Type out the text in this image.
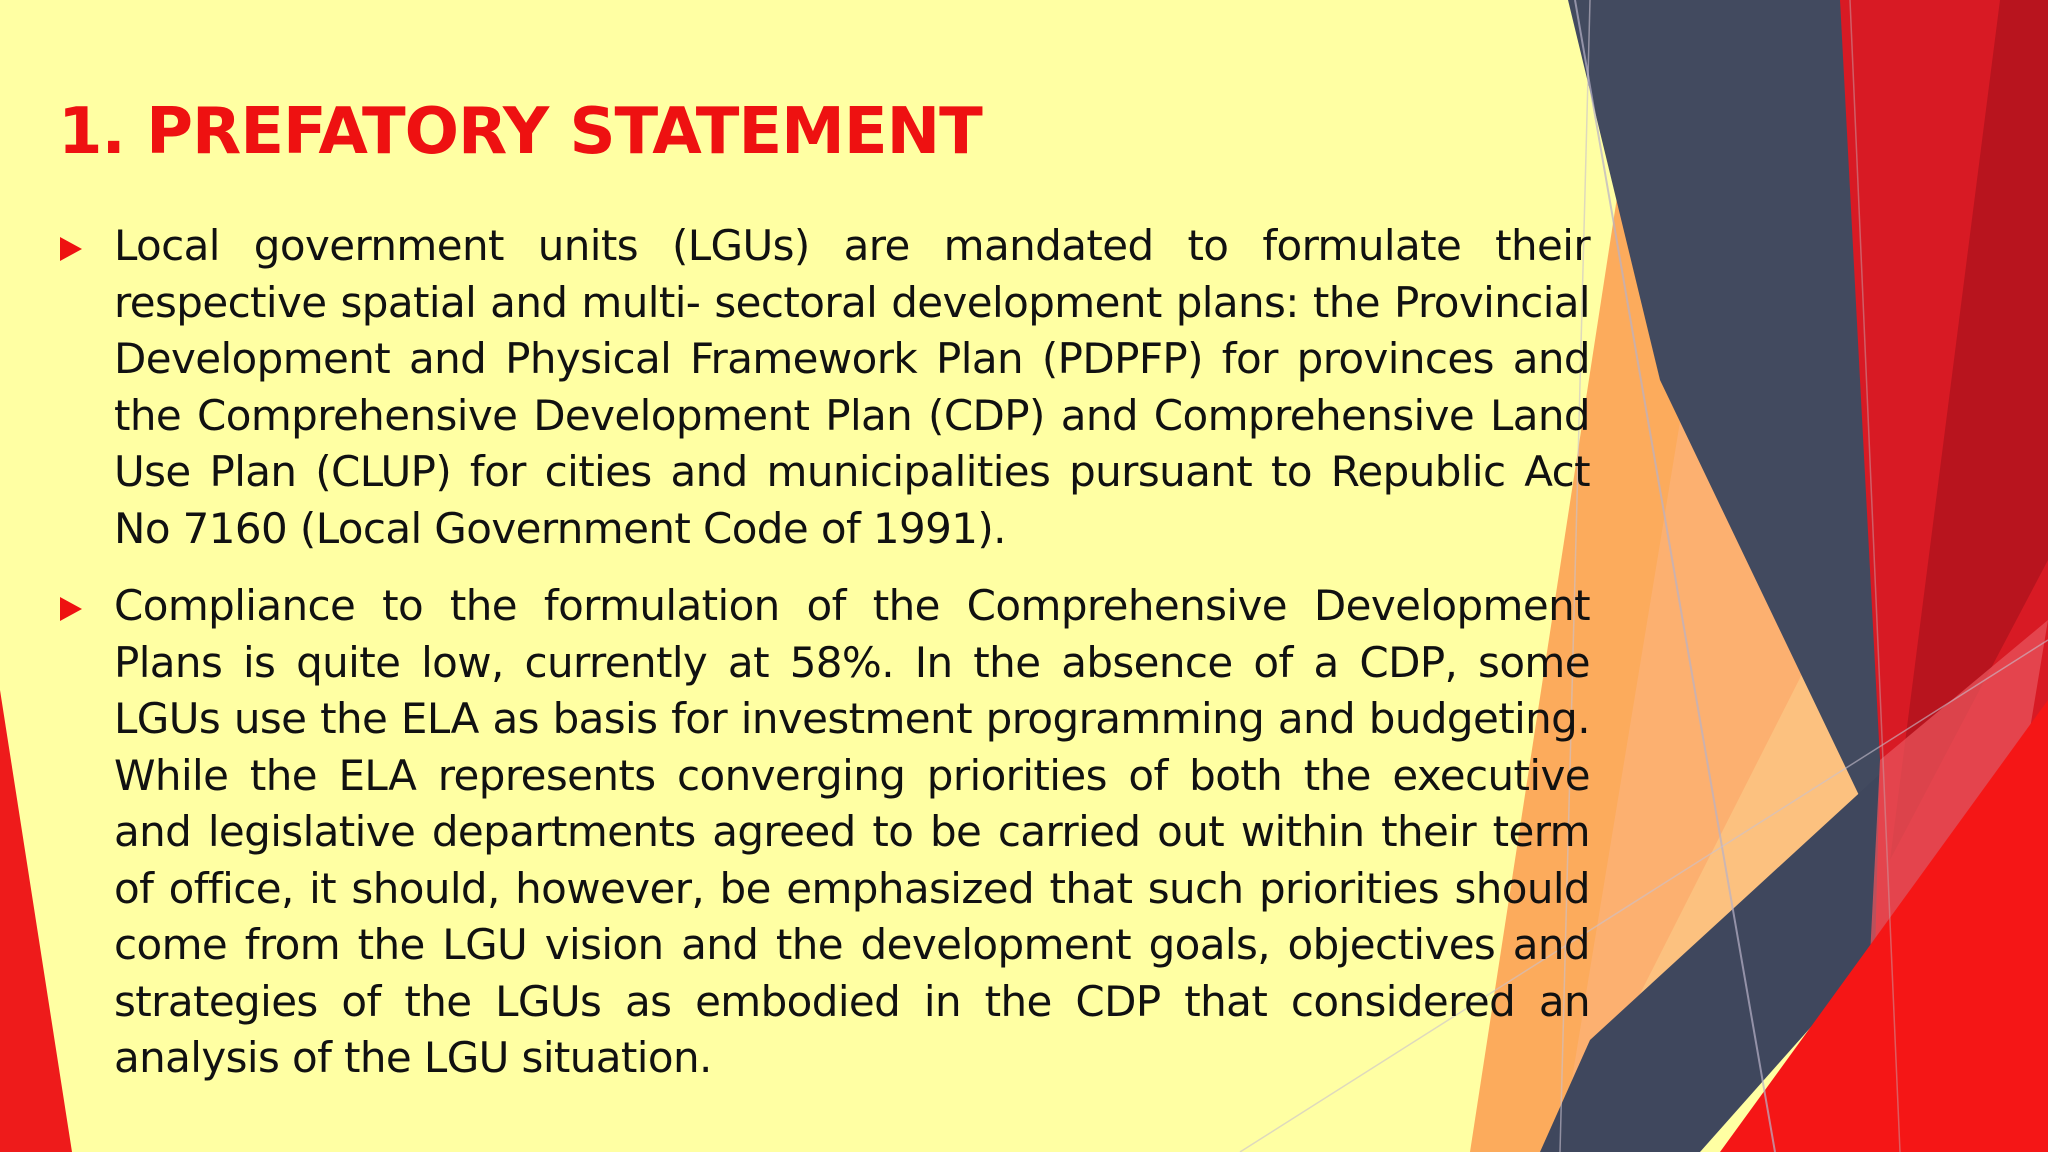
1. PREFATORY STATEMENT
Local government units (LGUs) are mandated to formulate their respective spatial and multi- sectoral development plans: the Provincial Development and Physical Framework Plan (PDPFP) for provinces and the Comprehensive Development Plan (CDP) and Comprehensive Land Use Plan (CLUP) for cities and municipalities pursuant to Republic Act No 7160 (Local Government Code of 1991).
Compliance to the formulation of the Comprehensive Development Plans is quite low, currently at 58%. In the absence of a CDP, some LGUs use the ELA as basis for investment programming and budgeting. While the ELA represents converging priorities of both the executive and legislative departments agreed to be carried out within their term of office, it should, however, be emphasized that such priorities should come from the LGU vision and the development goals, objectives and strategies of the LGUs as embodied in the CDP that considered an analysis of the LGU situation.
